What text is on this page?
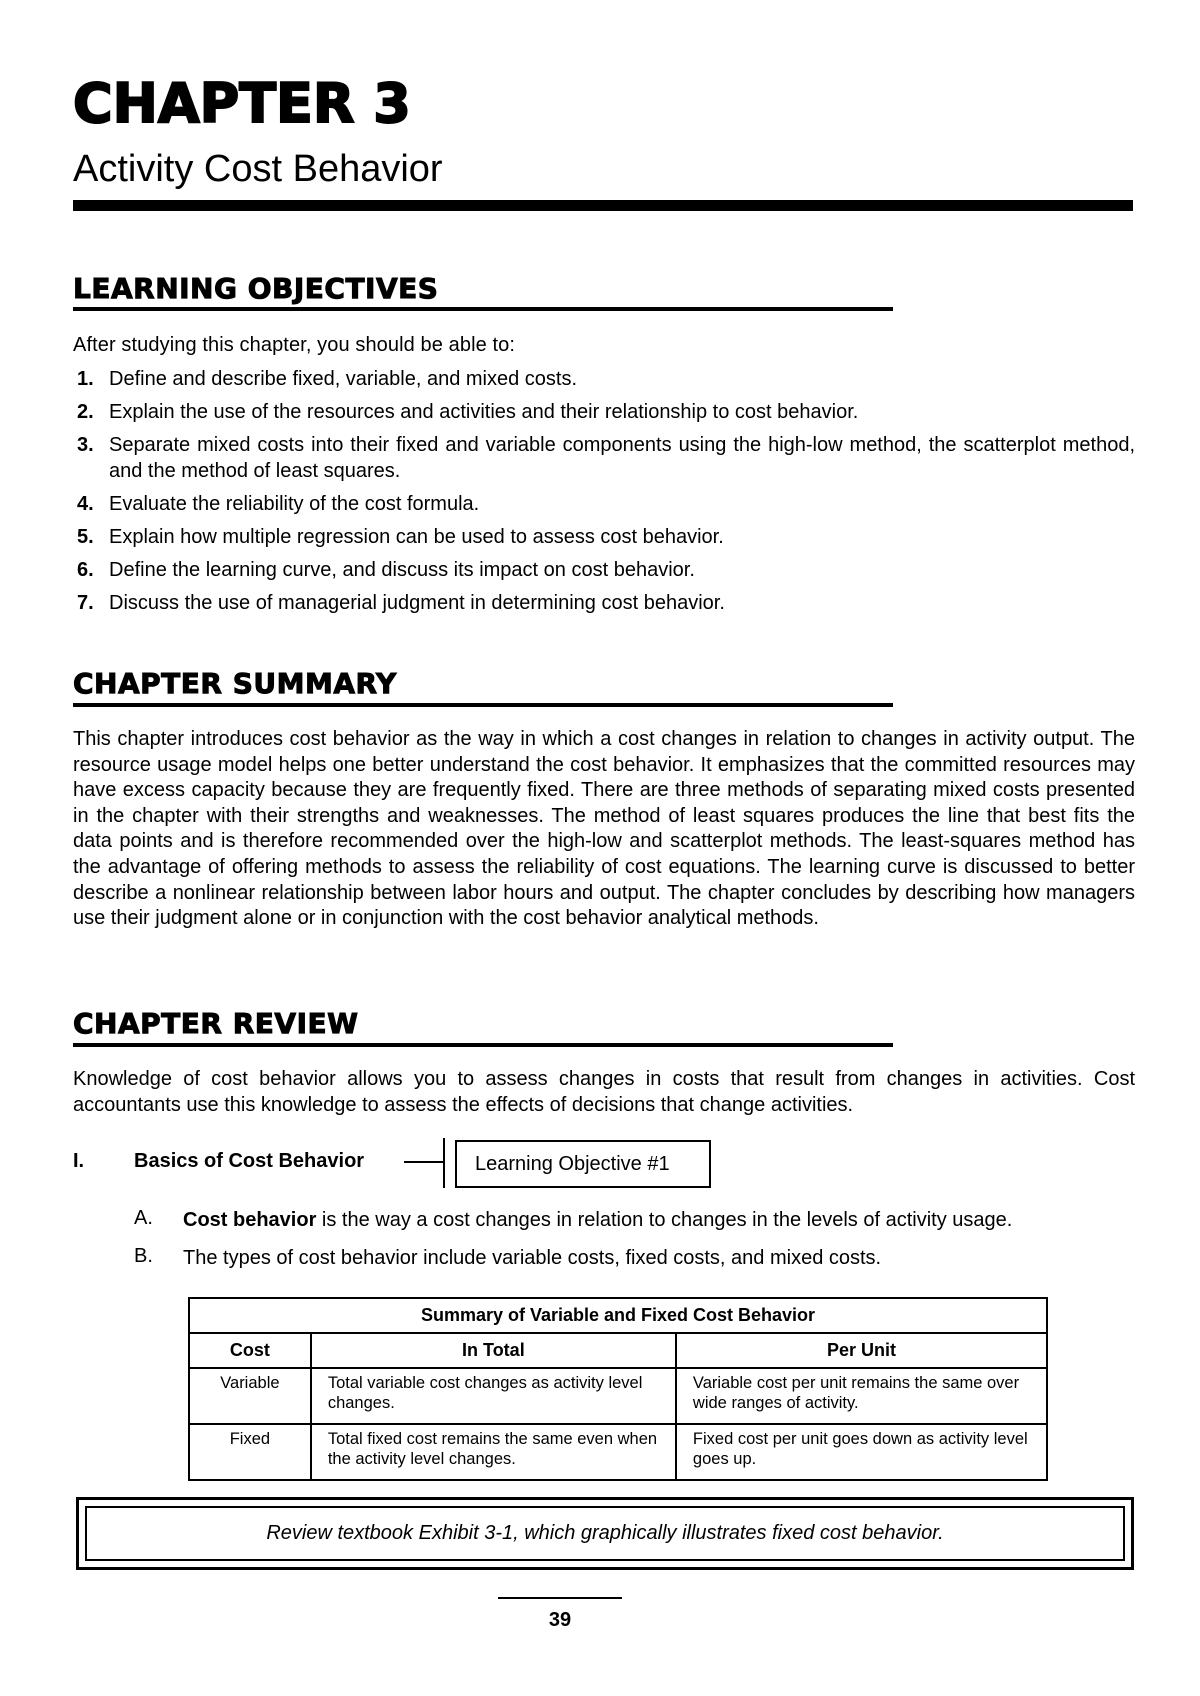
CHAPTER 3
Activity Cost Behavior
LEARNING OBJECTIVES
After studying this chapter, you should be able to:
1. Define and describe fixed, variable, and mixed costs.
2. Explain the use of the resources and activities and their relationship to cost behavior.
3. Separate mixed costs into their fixed and variable components using the high-low method, the scatterplot method, and the method of least squares.
4. Evaluate the reliability of the cost formula.
5. Explain how multiple regression can be used to assess cost behavior.
6. Define the learning curve, and discuss its impact on cost behavior.
7. Discuss the use of managerial judgment in determining cost behavior.
CHAPTER SUMMARY
This chapter introduces cost behavior as the way in which a cost changes in relation to changes in activity output. The resource usage model helps one better understand the cost behavior. It emphasizes that the committed resources may have excess capacity because they are frequently fixed. There are three methods of separating mixed costs presented in the chapter with their strengths and weaknesses. The method of least squares produces the line that best fits the data points and is therefore recommended over the high-low and scatterplot methods. The least-squares method has the advantage of offering methods to assess the reliability of cost equations. The learning curve is discussed to better describe a nonlinear relationship between labor hours and output. The chapter concludes by describing how managers use their judgment alone or in conjunction with the cost behavior analytical methods.
CHAPTER REVIEW
Knowledge of cost behavior allows you to assess changes in costs that result from changes in activities. Cost accountants use this knowledge to assess the effects of decisions that change activities.
I. Basics of Cost Behavior	Learning Objective #1
A. Cost behavior is the way a cost changes in relation to changes in the levels of activity usage.
B. The types of cost behavior include variable costs, fixed costs, and mixed costs.
Summary of Variable and Fixed Cost Behavior		
Cost	In Total	Per Unit
Variable	Total variable cost changes as activity level changes.	Variable cost per unit remains the same over wide ranges of activity.
Fixed	Total fixed cost remains the same even when the activity level changes.	Fixed cost per unit goes down as activity level goes up.
Review textbook Exhibit 3-1, which graphically illustrates fixed cost behavior.
39
